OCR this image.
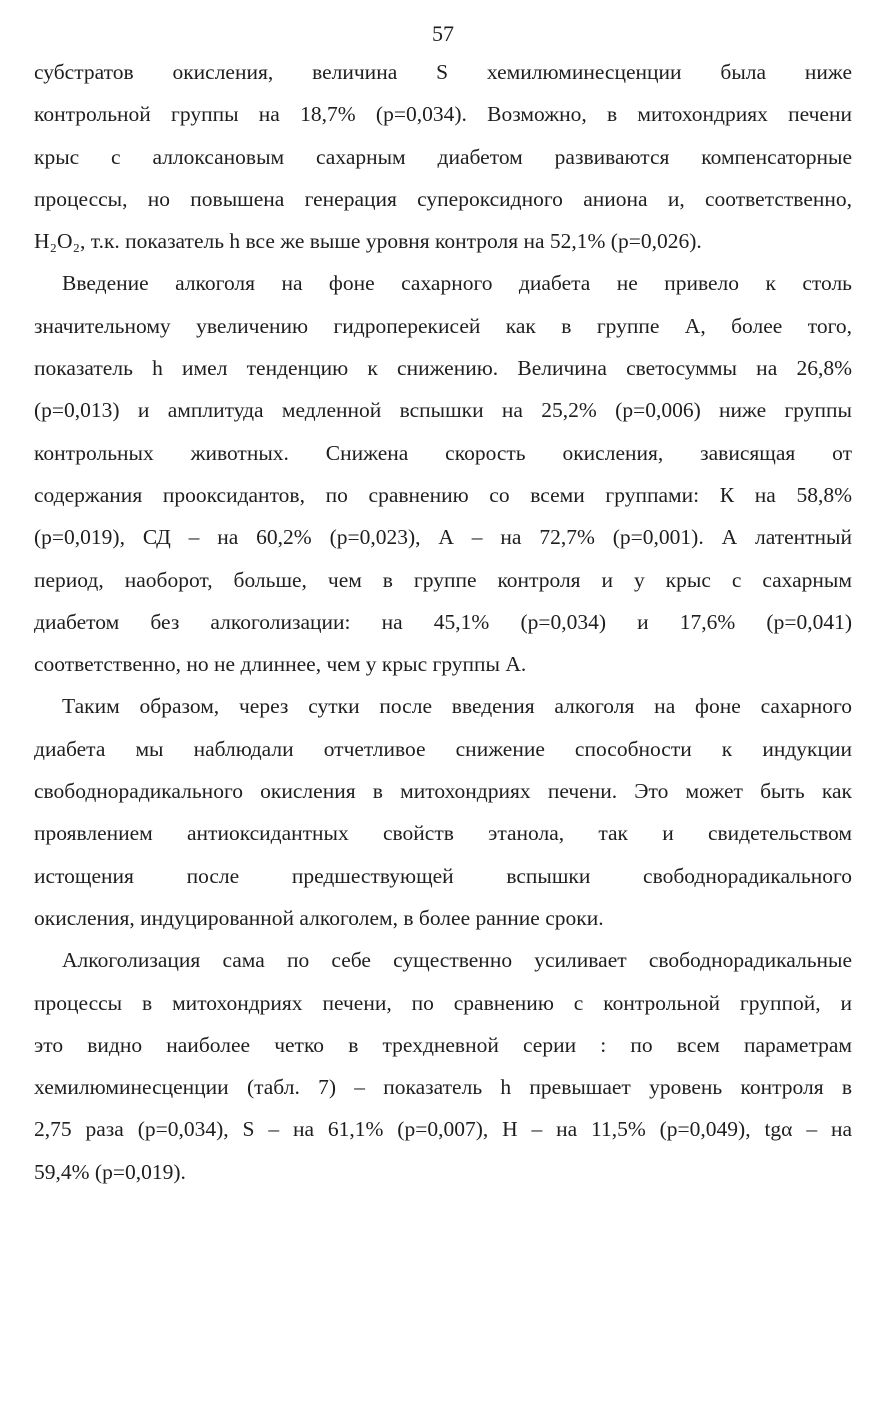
57
субстратов окисления, величина S хемилюминесценции была ниже
контрольной группы на 18,7% (р=0,034). Возможно, в митохондриях печени
крыс с аллоксановым сахарным диабетом развиваются компенсаторные
процессы, но повышена генерация супероксидного аниона и, соответственно,
H₂O₂, т.к. показатель h все же выше уровня контроля на 52,1% (р=0,026).
Введение алкоголя на фоне сахарного диабета не привело к столь
значительному увеличению гидроперекисей как в группе А, более того,
показатель h имел тенденцию к снижению. Величина светосуммы на 26,8%
(р=0,013) и амплитуда медленной вспышки на 25,2% (р=0,006) ниже группы
контрольных животных. Снижена скорость окисления, зависящая от
содержания прооксидантов, по сравнению со всеми группами: К на 58,8%
(р=0,019), СД – на 60,2% (р=0,023), А – на 72,7% (р=0,001). А латентный
период, наоборот, больше, чем в группе контроля и у крыс с сахарным
диабетом без алкоголизации: на 45,1% (р=0,034) и 17,6% (р=0,041)
соответственно, но не длиннее, чем у крыс группы А.
Таким образом, через сутки после введения алкоголя на фоне сахарного
диабета мы наблюдали отчетливое снижение способности к индукции
свободнорадикального окисления в митохондриях печени. Это может быть как
проявлением антиоксидантных свойств этанола, так и свидетельством
истощения после предшествующей вспышки свободнорадикального
окисления, индуцированной алкоголем, в более ранние сроки.
Алкоголизация сама по себе существенно усиливает свободнорадикальные
процессы в митохондриях печени, по сравнению с контрольной группой, и
это видно наиболее четко в трехдневной серии : по всем параметрам
хемилюминесценции (табл. 7) – показатель h превышает уровень контроля в
2,75 раза (р=0,034), S – на 61,1% (р=0,007), H – на 11,5% (р=0,049), tgα – на
59,4% (р=0,019).
